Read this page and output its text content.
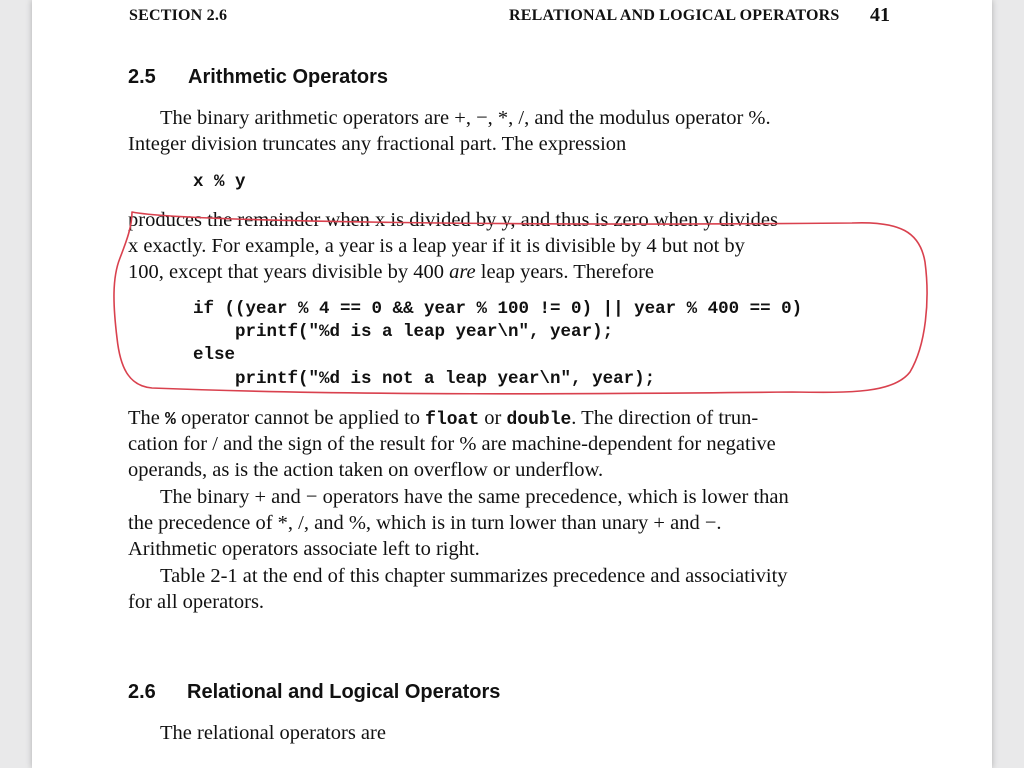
SECTION 2.6	RELATIONAL AND LOGICAL OPERATORS 41
2.5 Arithmetic Operators
The binary arithmetic operators are +, −, *, /, and the modulus operator %.
Integer division truncates any fractional part. The expression
x % y
produces the remainder when x is divided by y, and thus is zero when y divides
x exactly. For example, a year is a leap year if it is divisible by 4 but not by
100, except that years divisible by 400 are leap years. Therefore
if ((year % 4 == 0 && year % 100 != 0) || year % 400 == 0)
printf("%d is a leap year\n", year);
else
printf("%d is not a leap year\n", year);
The % operator cannot be applied to float or double. The direction of trun-
cation for / and the sign of the result for % are machine-dependent for negative
operands, as is the action taken on overflow or underflow.
The binary + and − operators have the same precedence, which is lower than
the precedence of *, /, and %, which is in turn lower than unary + and −.
Arithmetic operators associate left to right.
Table 2-1 at the end of this chapter summarizes precedence and associativity
for all operators.
2.6 Relational and Logical Operators
The relational operators are
